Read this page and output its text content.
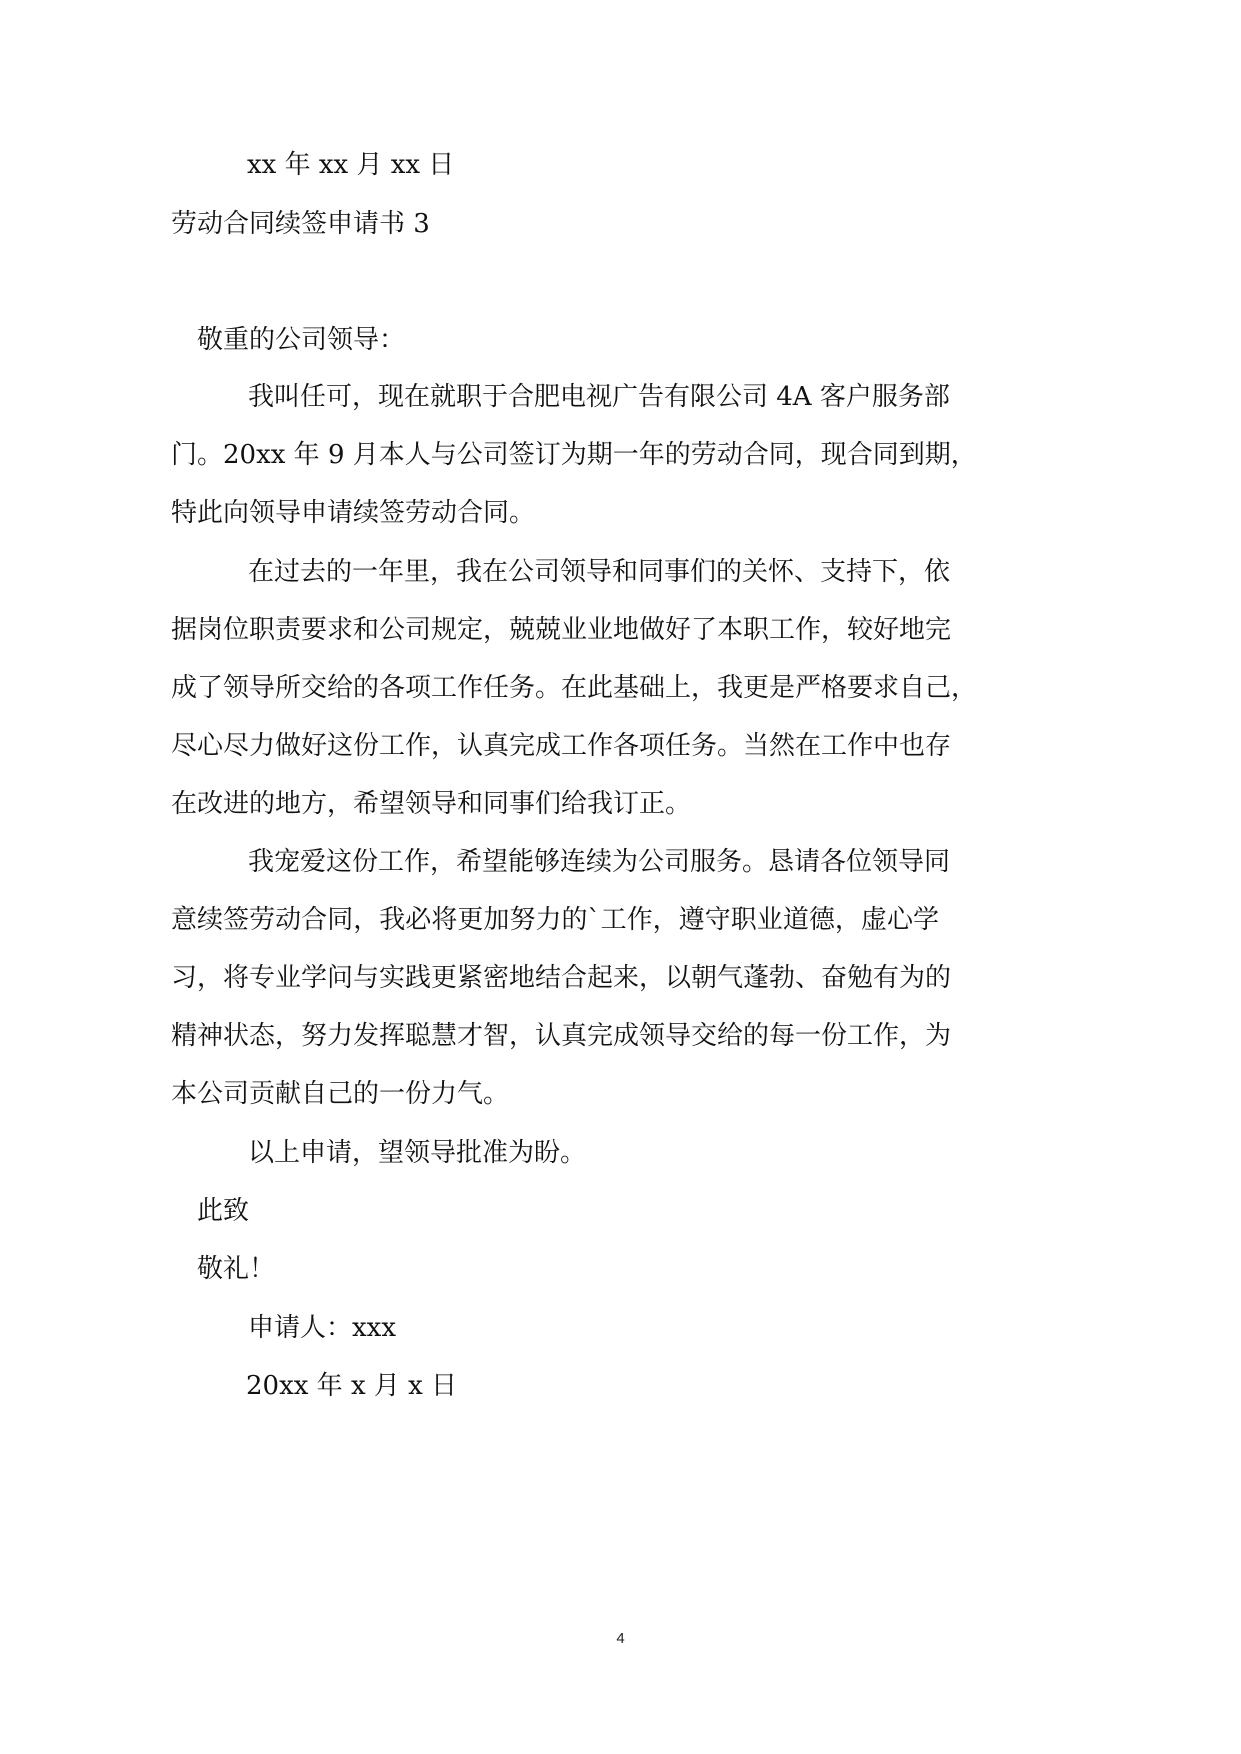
xx 年 xx 月 xx 日
劳动合同续签申请书 3
敬重的公司领导：
我叫任可，现在就职于合肥电视广告有限公司 4A 客户服务部
门。20xx 年 9 月本人与公司签订为期一年的劳动合同，现合同到期，
特此向领导申请续签劳动合同。
在过去的一年里，我在公司领导和同事们的关怀、支持下，依
据岗位职责要求和公司规定，兢兢业业地做好了本职工作，较好地完
成了领导所交给的各项工作任务。在此基础上，我更是严格要求自己，
尽心尽力做好这份工作，认真完成工作各项任务。当然在工作中也存
在改进的地方，希望领导和同事们给我订正。
我宠爱这份工作，希望能够连续为公司服务。恳请各位领导同
意续签劳动合同，我必将更加努力的`工作，遵守职业道德，虚心学
习，将专业学问与实践更紧密地结合起来，以朝气蓬勃、奋勉有为的
精神状态，努力发挥聪慧才智，认真完成领导交给的每一份工作，为
本公司贡献自己的一份力气。
以上申请，望领导批准为盼。
此致
敬礼！
申请人：xxx
20xx 年 x 月 x 日
4
